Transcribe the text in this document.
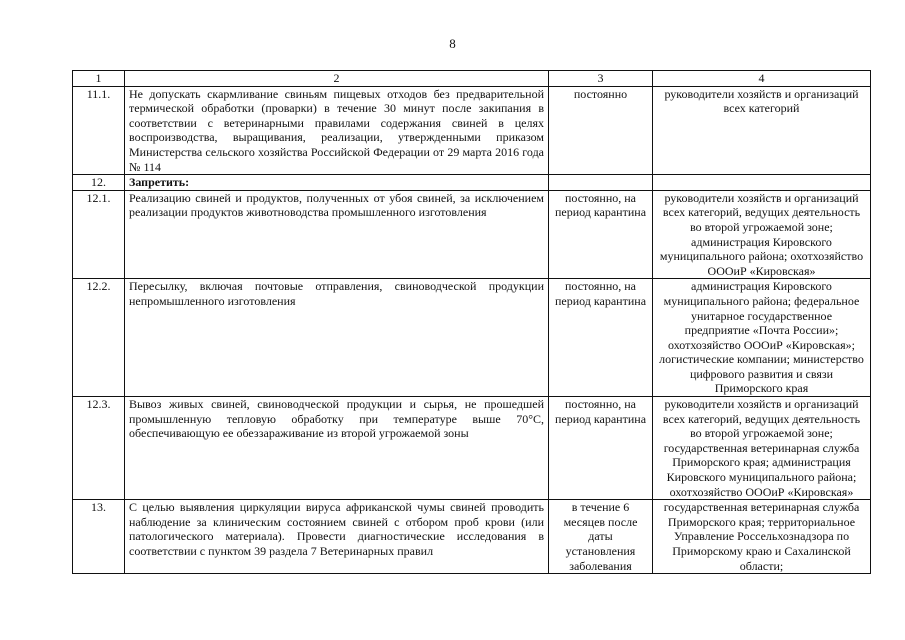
8
1	2	3	4
11.1.	Не допускать скармливание свиньям пищевых отходов без предварительной термической обработки (проварки) в течение 30 минут после закипания в соответствии с ветеринарными правилами содержания свиней в целях воспроизводства, выращивания, реализации, утвержденными приказом Министерства сельского хозяйства Российской Федерации от 29 марта 2016 года № 114	постоянно	руководители хозяйств и организаций всех категорий
12.	Запретить:		
12.1.	Реализацию свиней и продуктов, полученных от убоя свиней, за исключением реализации продуктов животноводства промышленного изготовления	постоянно, на период карантина	руководители хозяйств и организаций всех категорий, ведущих деятельность во второй угрожаемой зоне; администрация Кировского муниципального района; охотхозяйство ОООиР «Кировская»
12.2.	Пересылку, включая почтовые отправления, свиноводческой продукции непромышленного изготовления	постоянно, на период карантина	администрация Кировского муниципального района; федеральное унитарное государственное предприятие «Почта России»; охотхозяйство ОООиР «Кировская»; логистические компании; министерство цифрового развития и связи Приморского края
12.3.	Вывоз живых свиней, свиноводческой продукции и сырья, не прошедшей промышленную тепловую обработку при температуре выше 70°С, обеспечивающую ее обеззараживание из второй угрожаемой зоны	постоянно, на период карантина	руководители хозяйств и организаций всех категорий, ведущих деятельность во второй угрожаемой зоне; государственная ветеринарная служба Приморского края; администрация Кировского муниципального района; охотхозяйство ОООиР «Кировская»
13.	С целью выявления циркуляции вируса африканской чумы свиней проводить наблюдение за клиническим состоянием свиней с отбором проб крови (или патологического материала). Провести диагностические исследования в соответствии с пунктом 39 раздела 7 Ветеринарных правил	в течение 6 месяцев после даты установления заболевания	государственная ветеринарная служба Приморского края; территориальное Управление Россельхознадзора по Приморскому краю и Сахалинской области;
